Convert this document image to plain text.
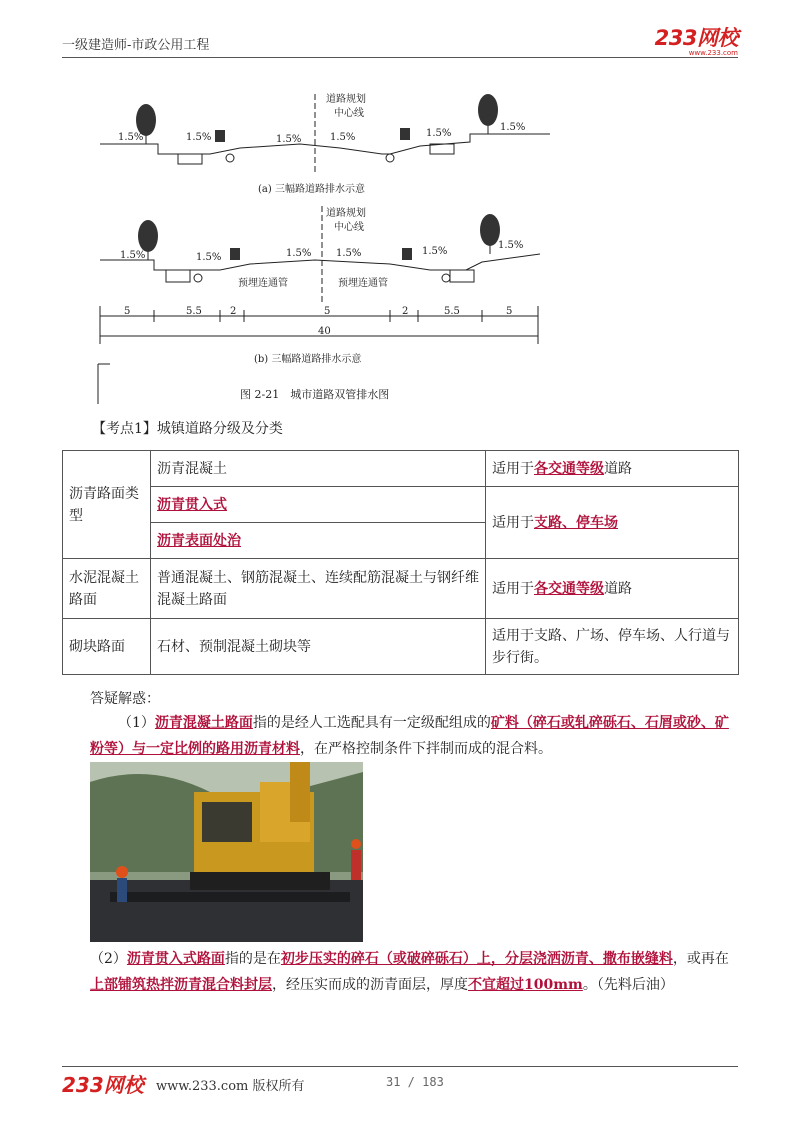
一级建造师-市政公用工程	233网校
www.233.com
1.5%	1.5%	1.5%	1.5%	1.5%
1.5%
道路规划
中心线
(a) 三幅路道路排水示意
1.5%	1.5%	1.5% 1.5%	1.5%
1.5%
道路规划
中心线
预埋连通管	预埋连通管
5	5.5	2	5	2	5.5	5
40
(b) 三幅路道路排水示意
图 2-21　城市道路双管排水图
【考点1】城镇道路分级及分类
沥青路面类型	沥青混凝土	适用于各交通等级道路
	沥青贯入式	适用于支路、停车场
	沥青表面处治	
水泥混凝土路面	普通混凝土、钢筋混凝土、连续配筋混凝土与钢纤维混凝土路面	适用于各交通等级道路
砌块路面	石材、预制混凝土砌块等	适用于支路、广场、停车场、人行道与步行街。
答疑解惑：
（1）沥青混凝土路面指的是经人工选配具有一定级配组成的矿料（碎石或轧碎砾石、石屑或砂、矿粉等）与一定比例的路用沥青材料，在严格控制条件下拌制而成的混合料。
（2）沥青贯入式路面指的是在初步压实的碎石（或破碎砾石）上，分层浇洒沥青、撒布嵌缝料，或再在上部铺筑热拌沥青混合料封层，经压实而成的沥青面层，厚度不宜超过100mm。（先料后油）
233网校 www.233.com 版权所有	31 / 183
